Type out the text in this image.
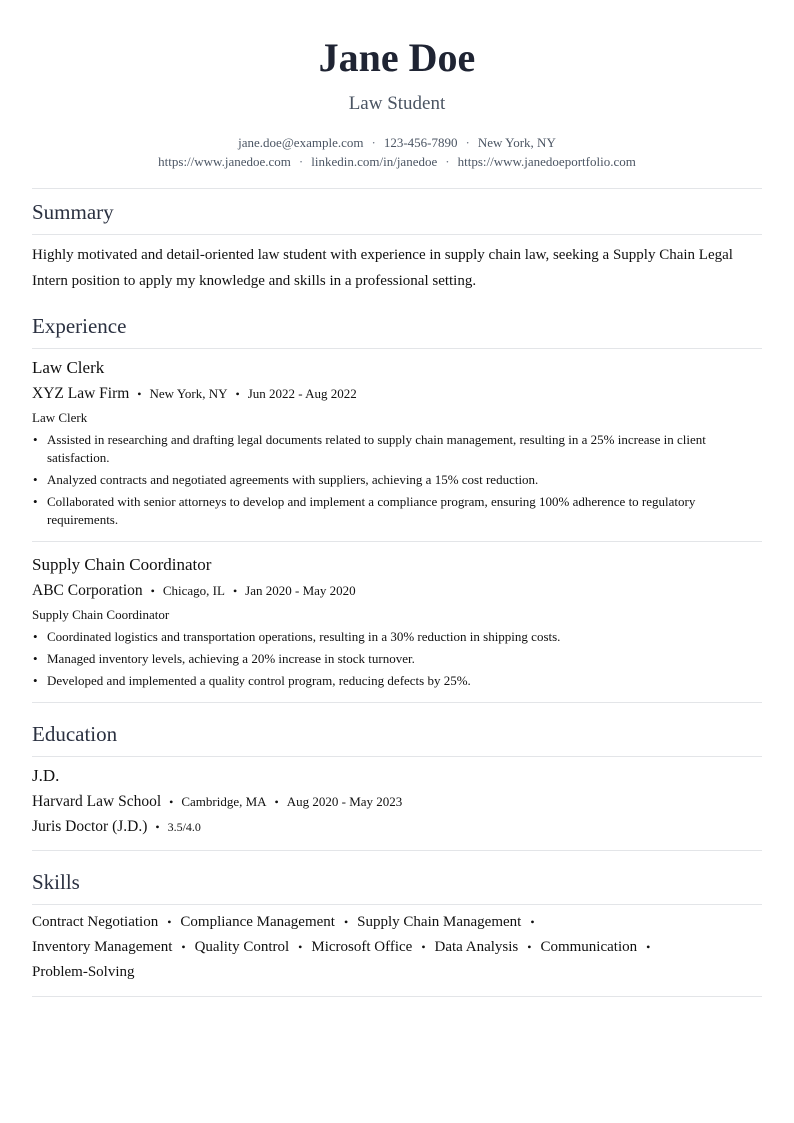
Jane Doe
Law Student
jane.doe@example.com · 123-456-7890 · New York, NY
https://www.janedoe.com · linkedin.com/in/janedoe · https://www.janedoeportfolio.com
Summary
Highly motivated and detail-oriented law student with experience in supply chain law, seeking a Supply Chain Legal Intern position to apply my knowledge and skills in a professional setting.
Experience
Law Clerk
XYZ Law Firm • New York, NY • Jun 2022 - Aug 2022
Law Clerk
• Assisted in researching and drafting legal documents related to supply chain management, resulting in a 25% increase in client satisfaction.
• Analyzed contracts and negotiated agreements with suppliers, achieving a 15% cost reduction.
• Collaborated with senior attorneys to develop and implement a compliance program, ensuring 100% adherence to regulatory requirements.
Supply Chain Coordinator
ABC Corporation • Chicago, IL • Jan 2020 - May 2020
Supply Chain Coordinator
• Coordinated logistics and transportation operations, resulting in a 30% reduction in shipping costs.
• Managed inventory levels, achieving a 20% increase in stock turnover.
• Developed and implemented a quality control program, reducing defects by 25%.
Education
J.D.
Harvard Law School • Cambridge, MA • Aug 2020 - May 2023
Juris Doctor (J.D.) • 3.5/4.0
Skills
Contract Negotiation • Compliance Management • Supply Chain Management •
Inventory Management • Quality Control • Microsoft Office • Data Analysis • Communication •
Problem-Solving
